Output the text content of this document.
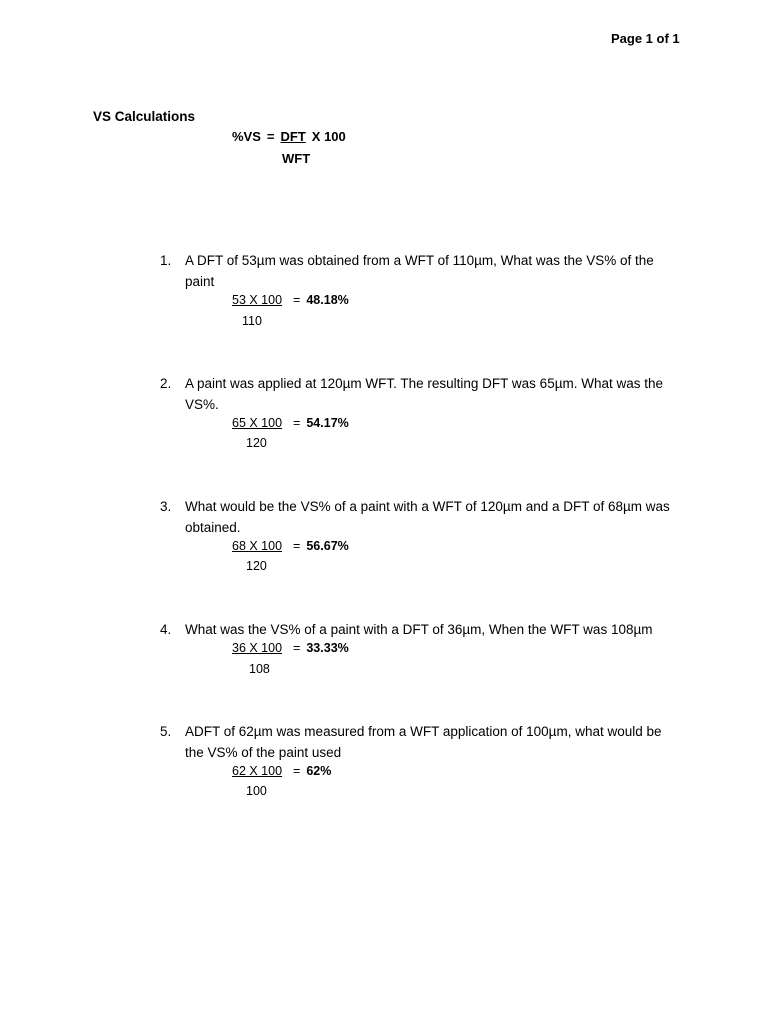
Page 1 of 1
VS Calculations
%VS = DFT X 100
WFT
1.	A DFT of 53µm was obtained from a WFT of 110µm, What was the VS% of the paint
53 X 100 = 48.18%
110
2.	A paint was applied at 120µm WFT. The resulting DFT was 65µm. What was the VS%.
65 X 100 = 54.17%
120
3.	What would be the VS% of a paint with a WFT of 120µm and a DFT of 68µm was obtained.
68 X 100 = 56.67%
120
4.	What was the VS% of a paint with a DFT of 36µm, When the WFT was 108µm
36 X 100 = 33.33%
108
5.	ADFT of 62µm was measured from a WFT application of 100µm, what would be the VS% of the paint used
62 X 100 = 62%
100
